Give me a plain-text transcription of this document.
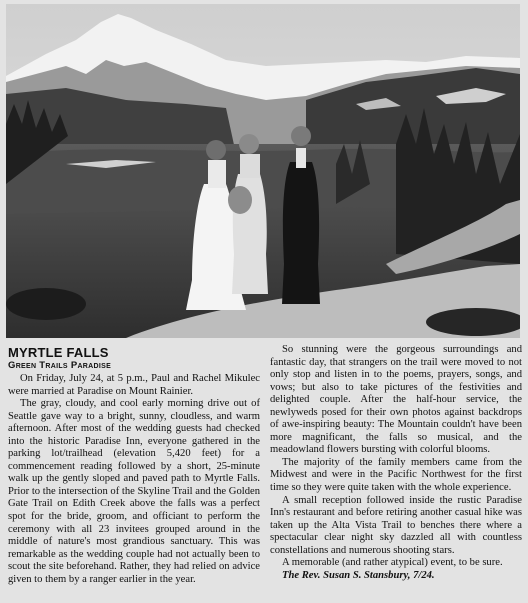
MYRTLE FALLS
Green Trails Paradise

On Friday, July 24, at 5 p.m., Paul and Rachel Mikulec were married at Paradise on Mount Rainier.

The gray, cloudy, and cool early morning drive out of Seattle gave way to a bright, sunny, cloudless, and warm afternoon. After most of the wedding guests had checked into the historic Paradise Inn, everyone gathered in the parking lot/trailhead (elevation 5,420 feet) for a commencement reading followed by a short, 25-minute walk up the gently sloped and paved path to Myrtle Falls. Prior to the intersection of the Skyline Trail and the Golden Gate Trail on Edith Creek above the falls was a perfect spot for the bride, groom, and officiant to perform the ceremony with all 23 invitees grouped around in the middle of nature's most grandious sanctuary. This was remarkable as the wedding couple had not actually been to scout the site beforehand. Rather, they had relied on advice given to them by a ranger earlier in the year.

So stunning were the gorgeous surroundings and fantastic day, that strangers on the trail were moved to not only stop and listen in to the poems, prayers, songs, and vows; but also to take pictures of the festivities and delighted couple. After the half-hour service, the newlyweds posed for their own photos against backdrops of awe-inspiring beauty: The Mountain couldn't have been more magnificant, the falls so musical, and the meadowland flowers bursting with colorful blooms.

The majority of the family members came from the Midwest and were in the Pacific Northwest for the first time so they were quite taken with the whole experience.

A small reception followed inside the rustic Paradise Inn's restaurant and before retiring another casual hike was taken up the Alta Vista Trail to benches there where a spectacular clear night sky dazzled all with countless constellations and numerous shooting stars.

A memorable (and rather atypical) event, to be sure.

The Rev. Susan S. Stansbury, 7/24.
